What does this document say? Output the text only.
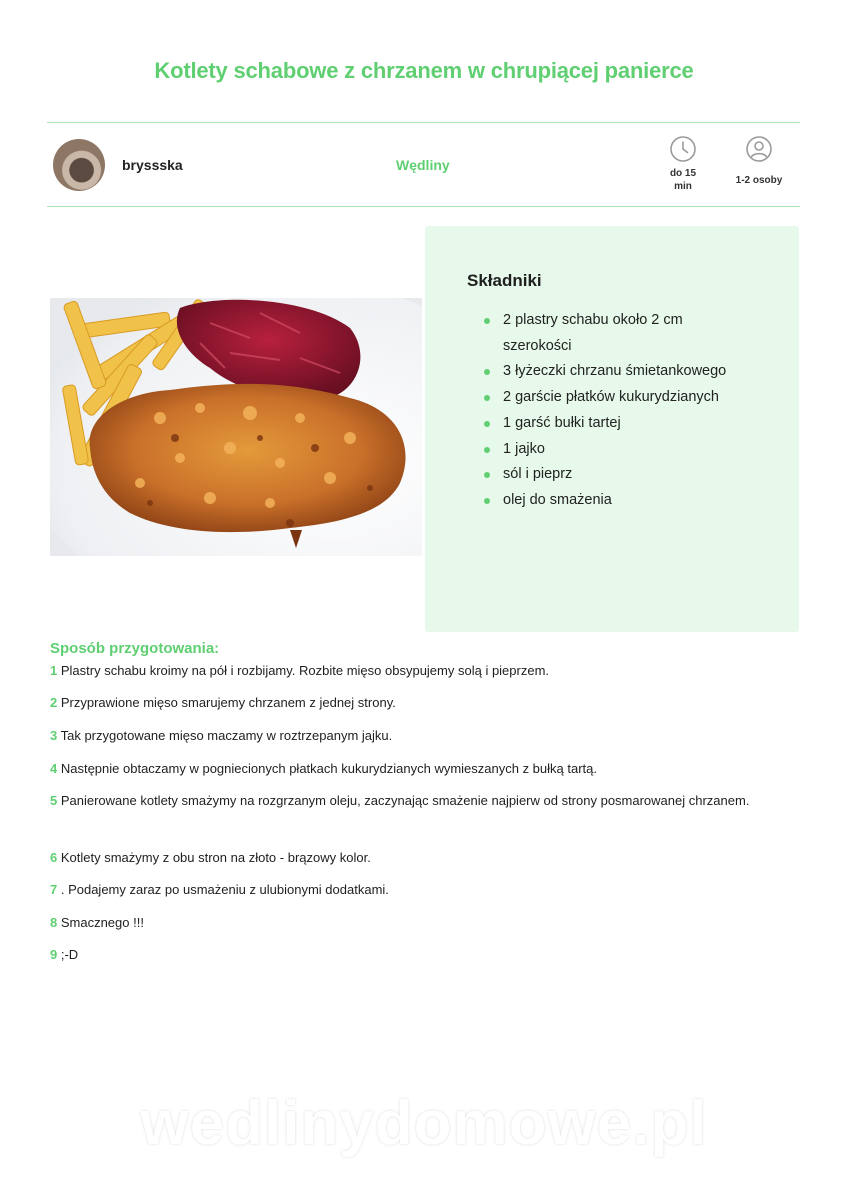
Kotlety schabowe z chrzanem w chrupiącej panierce
bryssska	Wędliny
do 15
min
1-2 osoby
Składniki
2 plastry schabu około 2 cm szerokości
3 łyżeczki chrzanu śmietankowego
2 garście płatków kukurydzianych
1 garść bułki tartej
1 jajko
sól i pieprz
olej do smażenia
Sposób przygotowania:

1 Plastry schabu kroimy na pół i rozbijamy. Rozbite mięso obsypujemy solą i pieprzem.

2 Przyprawione mięso smarujemy chrzanem z jednej strony.

3 Tak przygotowane mięso maczamy w roztrzepanym jajku.

4 Następnie obtaczamy w pogniecionych płatkach kukurydzianych wymieszanych z bułką tartą.

5 Panierowane kotlety smażymy na rozgrzanym oleju, zaczynając smażenie najpierw od strony posmarowanej chrzanem.

6 Kotlety smażymy z obu stron na złoto - brązowy kolor.

7 . Podajemy zaraz po usmażeniu z ulubionymi dodatkami.

8 Smacznego !!!

9 ;-D

wedlinydomowe.pl
